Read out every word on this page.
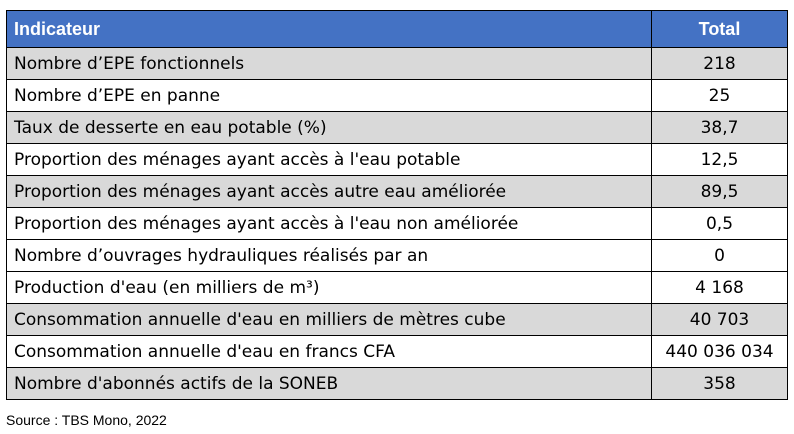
Indicateur	Total
Nombre d’EPE fonctionnels	218
Nombre d’EPE en panne	25
Taux de desserte en eau potable (%)	38,7
Proportion des ménages ayant accès à l'eau potable	12,5
Proportion des ménages ayant accès autre eau améliorée	89,5
Proportion des ménages ayant accès à l'eau non améliorée	0,5
Nombre d’ouvrages hydrauliques réalisés par an	0
Production d'eau (en milliers de m³)	4 168
Consommation annuelle d'eau en milliers de mètres cube	40 703
Consommation annuelle d'eau en francs CFA	440 036 034
Nombre d'abonnés actifs de la SONEB	358
Source : TBS Mono, 2022
